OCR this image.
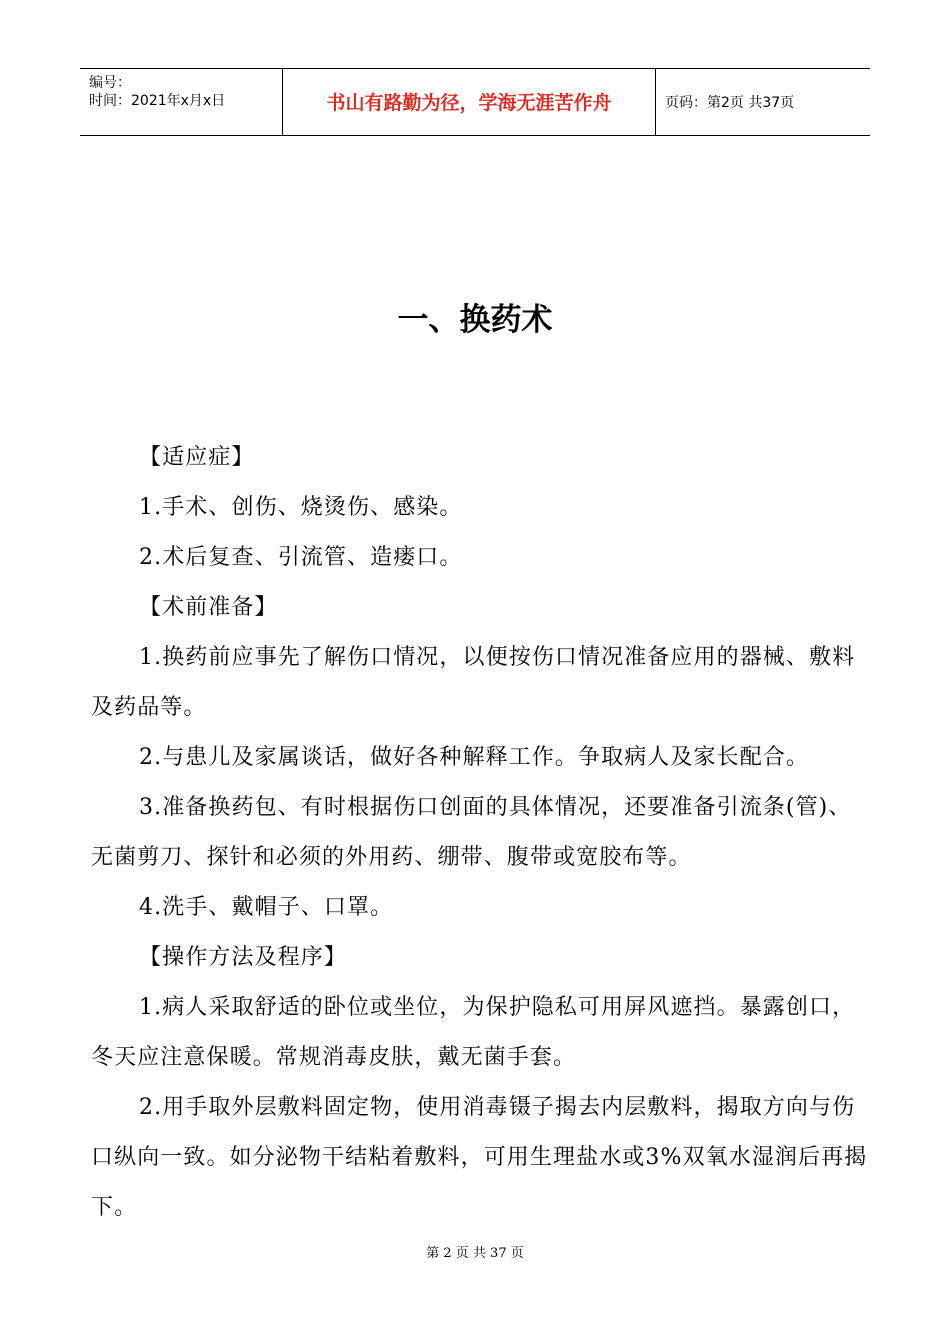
编号：
时间：2021年x月x日	书山有路勤为径，学海无涯苦作舟	页码：第2页 共37页
一、换药术

【适应症】

1.手术、创伤、烧烫伤、感染。

2.术后复查、引流管、造瘘口。

【术前准备】

1.换药前应事先了解伤口情况，以便按伤口情况准备应用的器械、敷料及药品等。

2.与患儿及家属谈话，做好各种解释工作。争取病人及家长配合。

3.准备换药包、有时根据伤口创面的具体情况，还要准备引流条(管)、无菌剪刀、探针和必须的外用药、绷带、腹带或宽胶布等。

4.洗手、戴帽子、口罩。

【操作方法及程序】

1.病人采取舒适的卧位或坐位，为保护隐私可用屏风遮挡。暴露创口，冬天应注意保暖。常规消毒皮肤，戴无菌手套。

2.用手取外层敷料固定物，使用消毒镊子揭去内层敷料，揭取方向与伤口纵向一致。如分泌物干结粘着敷料，可用生理盐水或3%双氧水湿润后再揭下。

第 2 页 共 37 页
